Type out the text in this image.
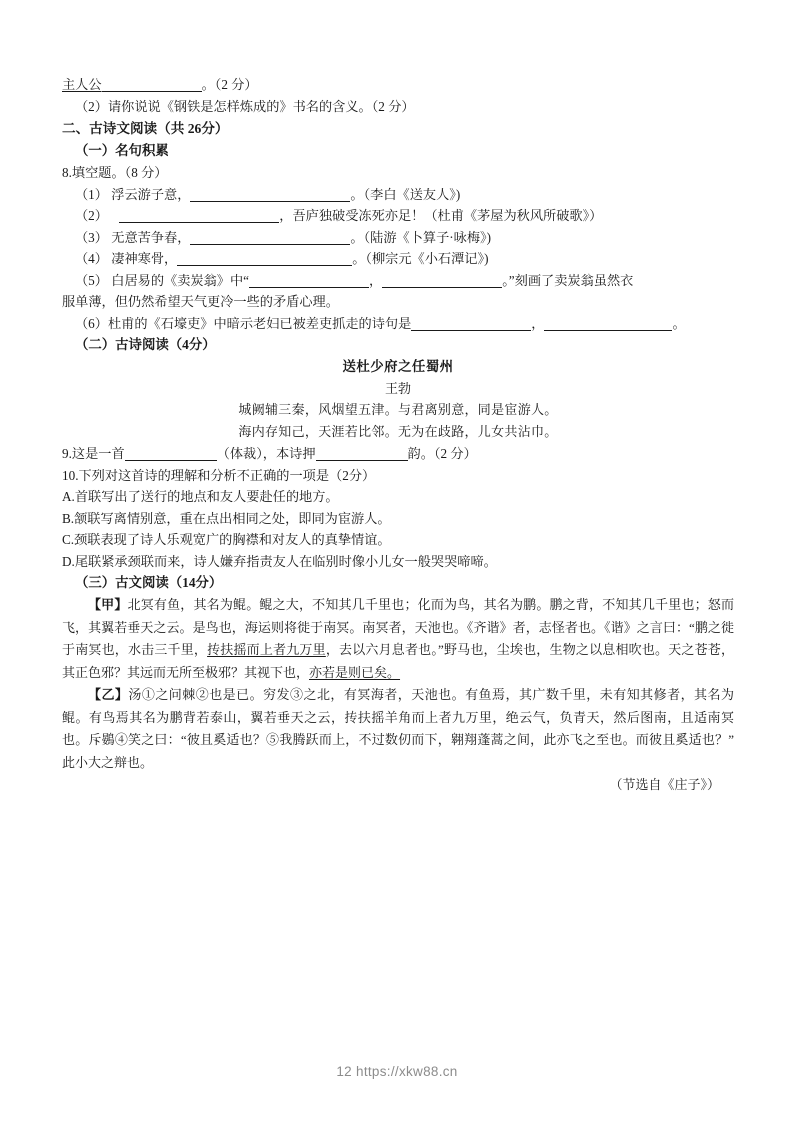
主人公	。（2 分）
（2）请你说说《钢铁是怎样炼成的》书名的含义。（2 分）
二、古诗文阅读（共 26分）
（一）名句积累
8.填空题。（8 分）
（1） 浮云游子意，	。（李白《送友人》)
（2）	，吾庐独破受冻死亦足！（杜甫《茅屋为秋风所破歌》）
（3） 无意苦争春，	。（陆游《卜算子·咏梅》)
（4） 凄神寒骨，	。（柳宗元《小石潭记》)
（5） 白居易的《卖炭翁》中“	，	。”刻画了卖炭翁虽然衣
服单薄，但仍然希望天气更冷一些的矛盾心理。
（6）杜甫的《石壕吏》中暗示老妇已被差吏抓走的诗句是	，	。
（二）古诗阅读（4分）
送杜少府之任蜀州
王勃
城阙辅三秦，风烟望五津。与君离别意，同是宦游人。
海内存知己，天涯若比邻。无为在歧路，儿女共沾巾。
9.这是一首	（体裁），本诗押	韵。（2 分）
10.下列对这首诗的理解和分析不正确的一项是（2分）
A.首联写出了送行的地点和友人要赴任的地方。
B.颔联写离情别意，重在点出相同之处，即同为宦游人。
C.颈联表现了诗人乐观宽广的胸襟和对友人的真挚情谊。
D.尾联紧承颈联而来，诗人嫌弃指责友人在临别时像小儿女一般哭哭啼啼。
（三）古文阅读（14分）
【甲】北冥有鱼，其名为鲲。鲲之大，不知其几千里也；化而为鸟，其名为鹏。鹏之背，不知其几千里也；怒而飞，其翼若垂天之云。是鸟也，海运则将徙于南冥。南冥者，天池也。《齐谐》者，志怪者也。《谐》之言曰：“鹏之徙于南冥也，水击三千里，抟扶摇而上者九万里，去以六月息者也。”野马也，尘埃也，生物之以息相吹也。天之苍苍，其正色邪？其远而无所至极邪？其视下也，亦若是则已矣。
【乙】汤①之问棘②也是已。穷发③之北，有冥海者，天池也。有鱼焉，其广数千里，未有知其修者，其名为鲲。有鸟焉其名为鹏背若泰山，翼若垂天之云，抟扶摇羊角而上者九万里，绝云气，负青天，然后图南，且适南冥也。斥鷃④笑之曰：“彼且奚适也？⑤我腾跃而上，不过数仞而下，翱翔蓬蒿之间，此亦飞之至也。而彼且奚适也？”此小大之辩也。
（节选自《庄子》）
12 https://xkw88.cn
